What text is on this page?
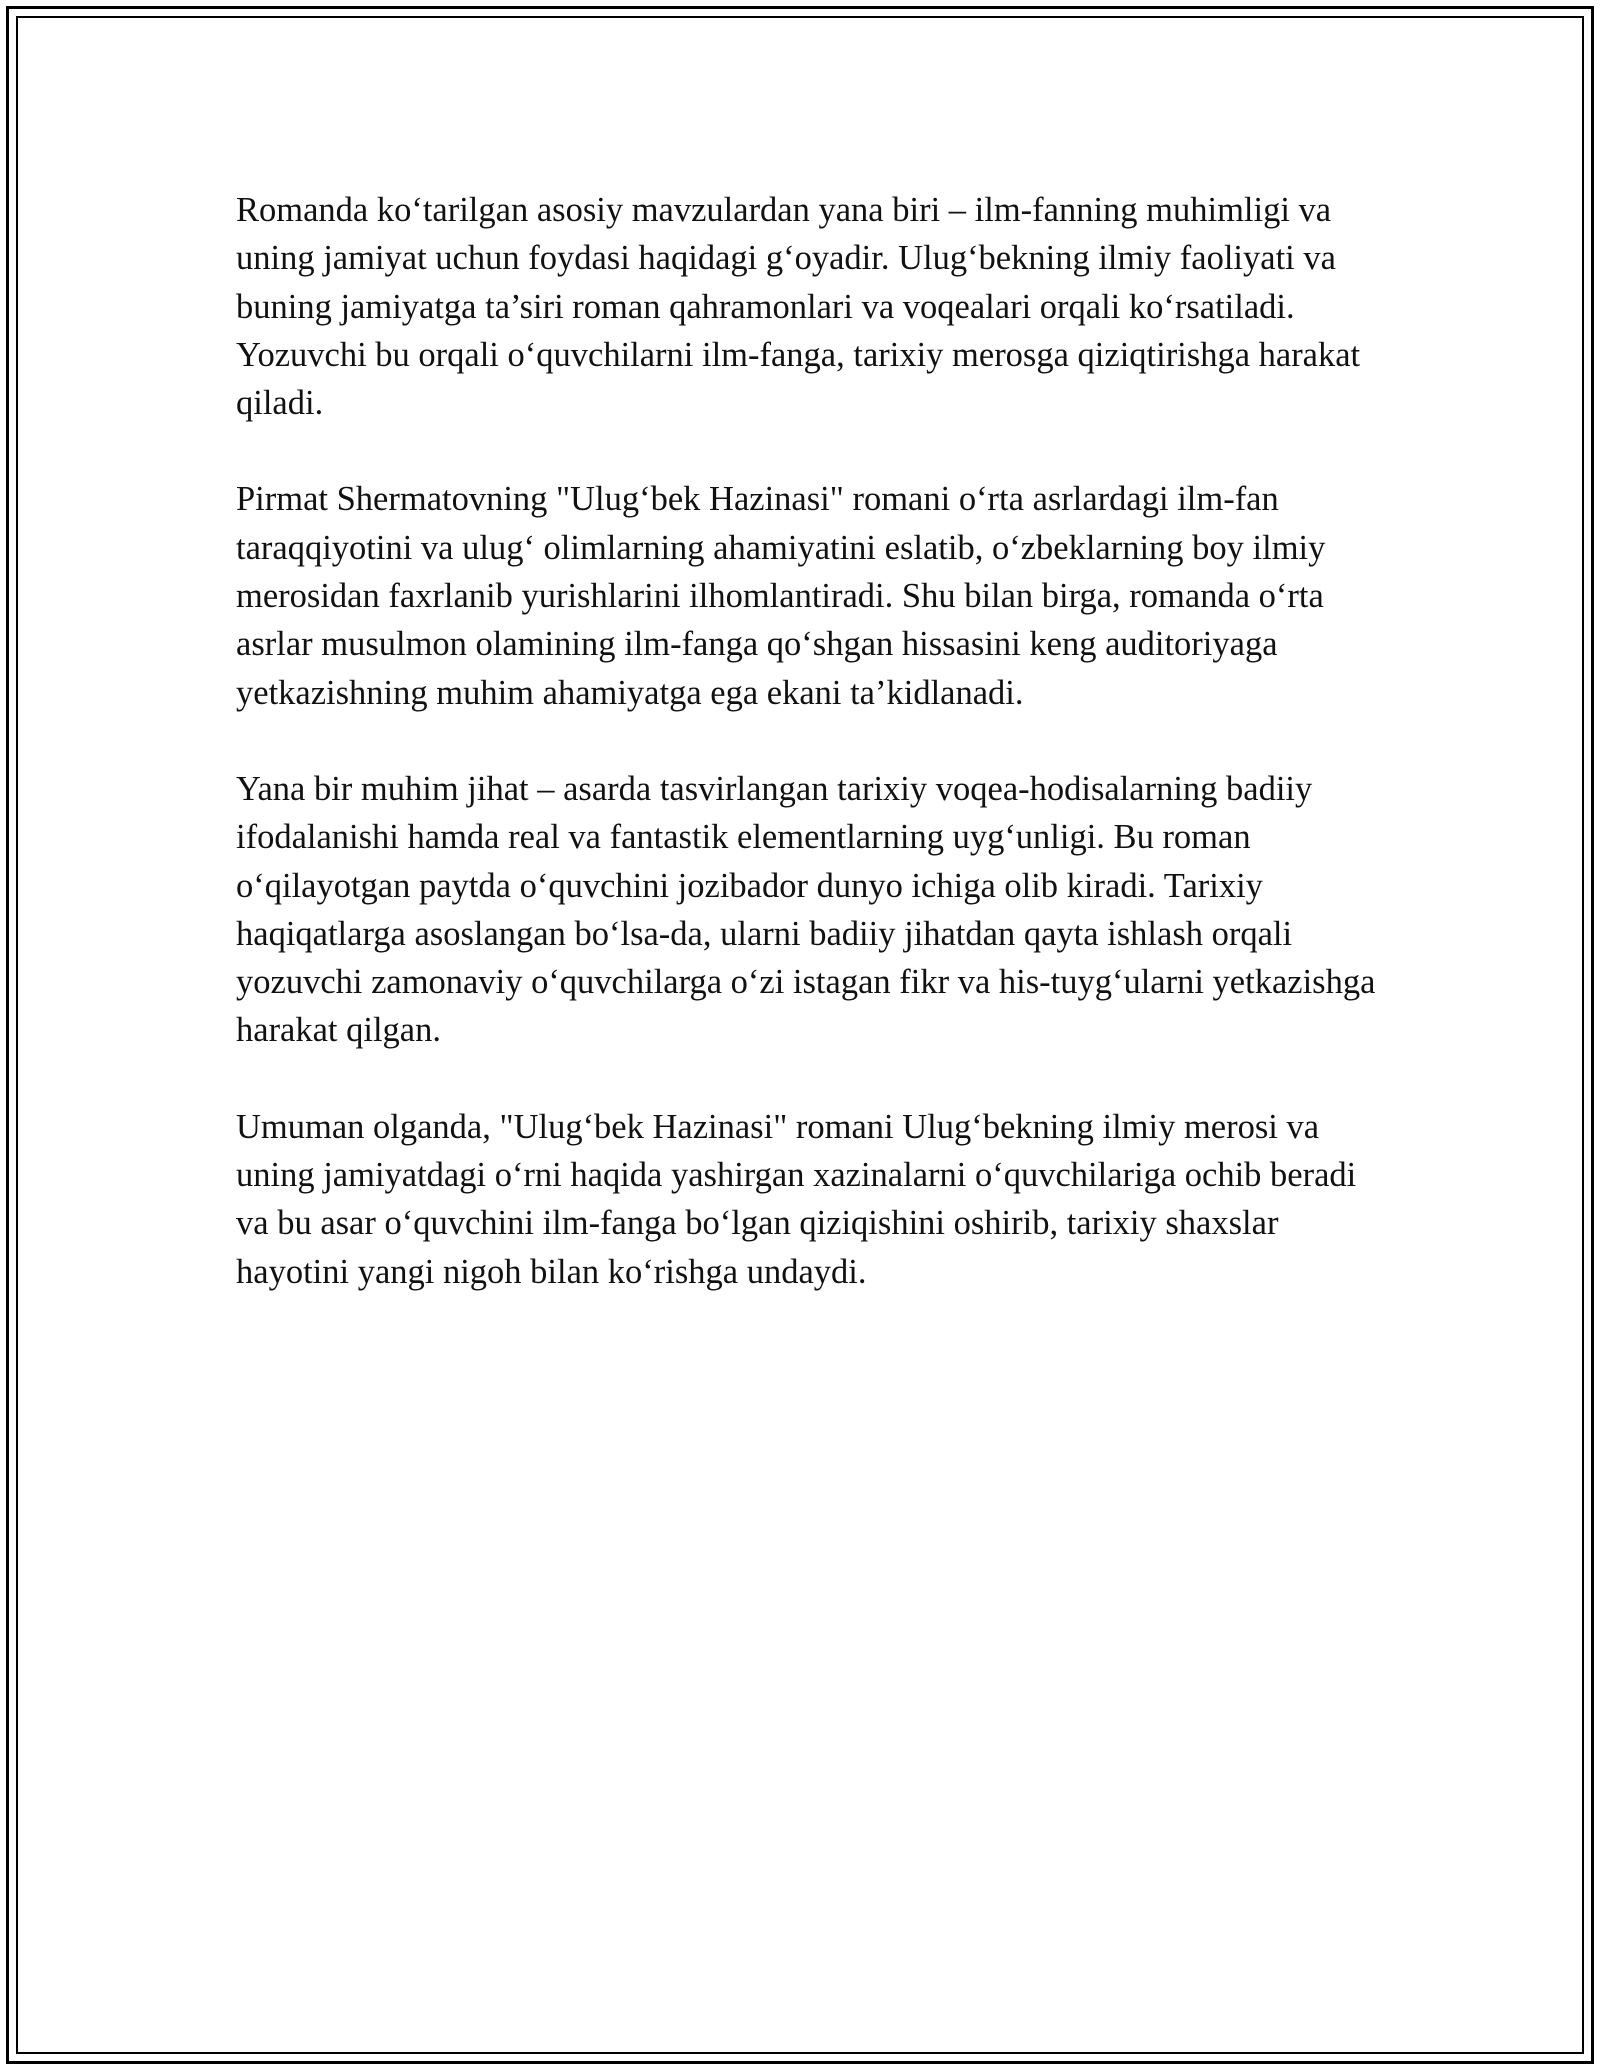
Romanda ko‘tarilgan asosiy mavzulardan yana biri – ilm-fanning muhimligi va uning jamiyat uchun foydasi haqidagi g‘oyadir. Ulug‘bekning ilmiy faoliyati va buning jamiyatga ta’siri roman qahramonlari va voqealari orqali ko‘rsatiladi. Yozuvchi bu orqali o‘quvchilarni ilm-fanga, tarixiy merosga qiziqtirishga harakat qiladi.

Pirmat Shermatovning "Ulug‘bek Hazinasi" romani o‘rta asrlardagi ilm-fan taraqqiyotini va ulug‘ olimlarning ahamiyatini eslatib, o‘zbeklarning boy ilmiy merosidan faxrlanib yurishlarini ilhomlantiradi. Shu bilan birga, romanda o‘rta asrlar musulmon olamining ilm-fanga qo‘shgan hissasini keng auditoriyaga yetkazishning muhim ahamiyatga ega ekani ta’kidlanadi.

Yana bir muhim jihat – asarda tasvirlangan tarixiy voqea-hodisalarning badiiy ifodalanishi hamda real va fantastik elementlarning uyg‘unligi. Bu roman o‘qilayotgan paytda o‘quvchini jozibador dunyo ichiga olib kiradi. Tarixiy haqiqatlarga asoslangan bo‘lsa-da, ularni badiiy jihatdan qayta ishlash orqali yozuvchi zamonaviy o‘quvchilarga o‘zi istagan fikr va his-tuyg‘ularni yetkazishga harakat qilgan.

Umuman olganda, "Ulug‘bek Hazinasi" romani Ulug‘bekning ilmiy merosi va uning jamiyatdagi o‘rni haqida yashirgan xazinalarni o‘quvchilariga ochib beradi va bu asar o‘quvchini ilm-fanga bo‘lgan qiziqishini oshirib, tarixiy shaxslar hayotini yangi nigoh bilan ko‘rishga undaydi.
